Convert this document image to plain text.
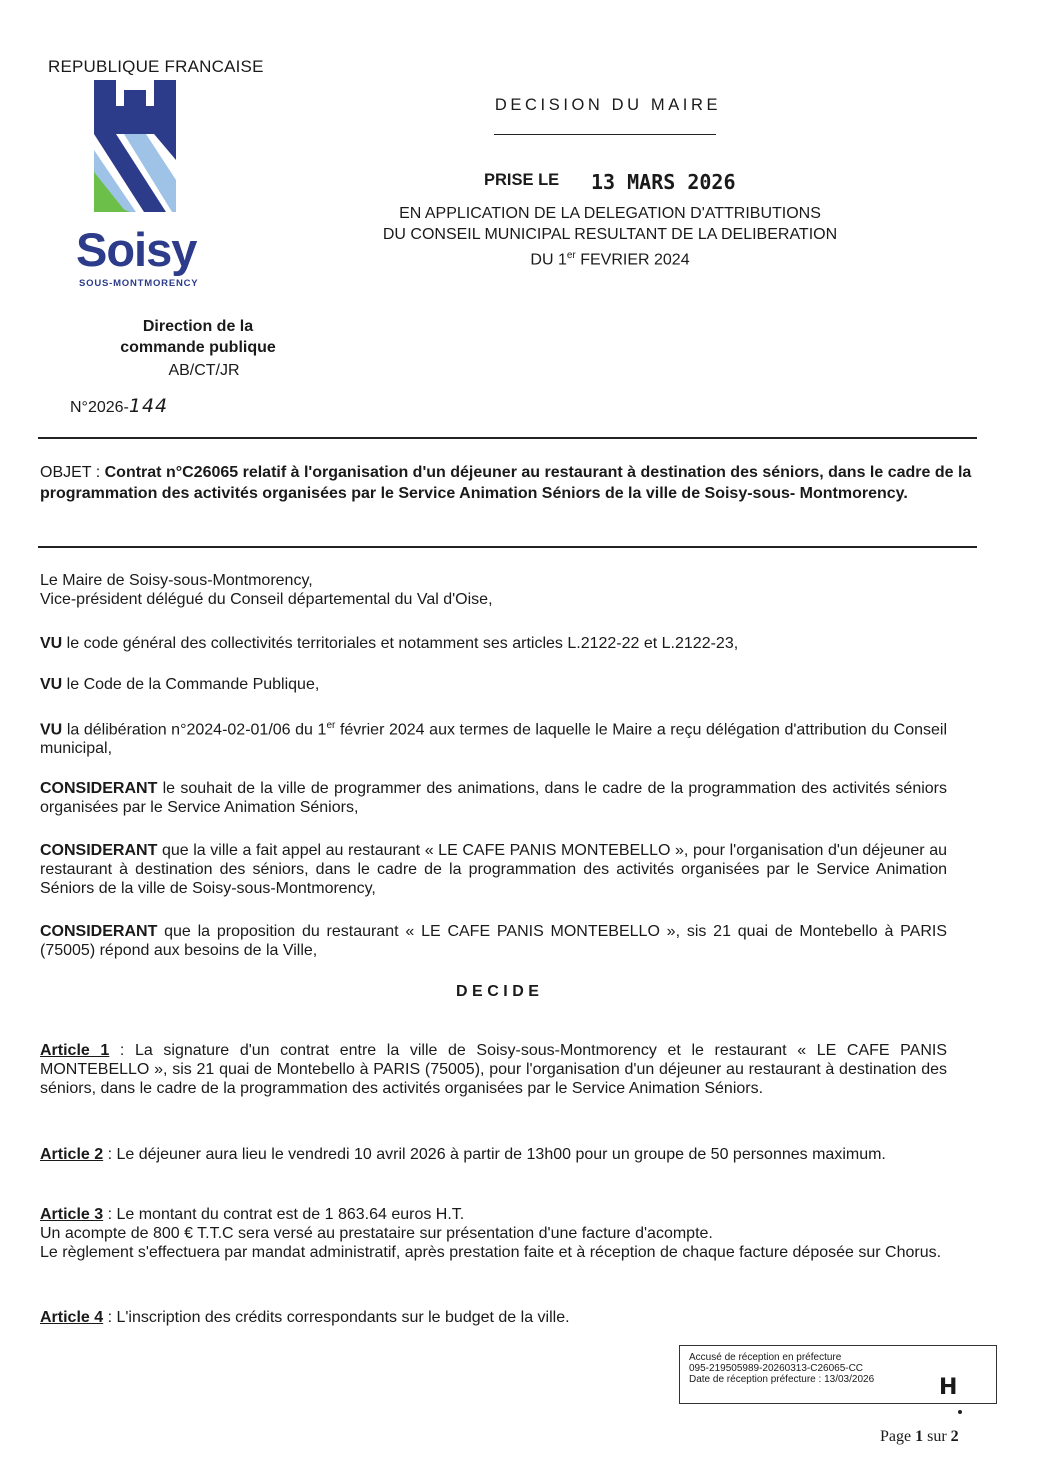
REPUBLIQUE FRANCAISE
Soisy
SOUS-MONTMORENCY
Direction de la
commande publique
AB/CT/JR
N°2026-144
DECISION DU MAIRE
PRISE LE 13 MARS 2026
EN APPLICATION DE LA DELEGATION D'ATTRIBUTIONS
DU CONSEIL MUNICIPAL RESULTANT DE LA DELIBERATION
DU 1er FEVRIER 2024
OBJET : Contrat n°C26065 relatif à l'organisation d'un déjeuner au restaurant à destination des séniors, dans le cadre de la programmation des activités organisées par le Service Animation Séniors de la ville de Soisy-sous- Montmorency.
Le Maire de Soisy-sous-Montmorency,
Vice-président délégué du Conseil départemental du Val d'Oise,
VU le code général des collectivités territoriales et notamment ses articles L.2122-22 et L.2122-23,
VU le Code de la Commande Publique,
VU la délibération n°2024-02-01/06 du 1er février 2024 aux termes de laquelle le Maire a reçu délégation d'attribution du Conseil municipal,
CONSIDERANT le souhait de la ville de programmer des animations, dans le cadre de la programmation des activités séniors organisées par le Service Animation Séniors,
CONSIDERANT que la ville a fait appel au restaurant « LE CAFE PANIS MONTEBELLO », pour l'organisation d'un déjeuner au restaurant à destination des séniors, dans le cadre de la programmation des activités organisées par le Service Animation Séniors de la ville de Soisy-sous-Montmorency,
CONSIDERANT que la proposition du restaurant « LE CAFE PANIS MONTEBELLO », sis 21 quai de Montebello à PARIS (75005) répond aux besoins de la Ville,
DECIDE
Article 1 : La signature d'un contrat entre la ville de Soisy-sous-Montmorency et le restaurant « LE CAFE PANIS MONTEBELLO », sis 21 quai de Montebello à PARIS (75005), pour l'organisation d'un déjeuner au restaurant à destination des séniors, dans le cadre de la programmation des activités organisées par le Service Animation Séniors.
Article 2 : Le déjeuner aura lieu le vendredi 10 avril 2026 à partir de 13h00 pour un groupe de 50 personnes maximum.
Article 3 : Le montant du contrat est de 1 863.64 euros H.T.
Un acompte de 800 € T.T.C sera versé au prestataire sur présentation d'une facture d'acompte.
Le règlement s'effectuera par mandat administratif, après prestation faite et à réception de chaque facture déposée sur Chorus.
Article 4 : L'inscription des crédits correspondants sur le budget de la ville.
Accusé de réception en préfecture
095-219505989-20260313-C26065-CC
Date de réception préfecture : 13/03/2026	H
Page 1 sur 2
